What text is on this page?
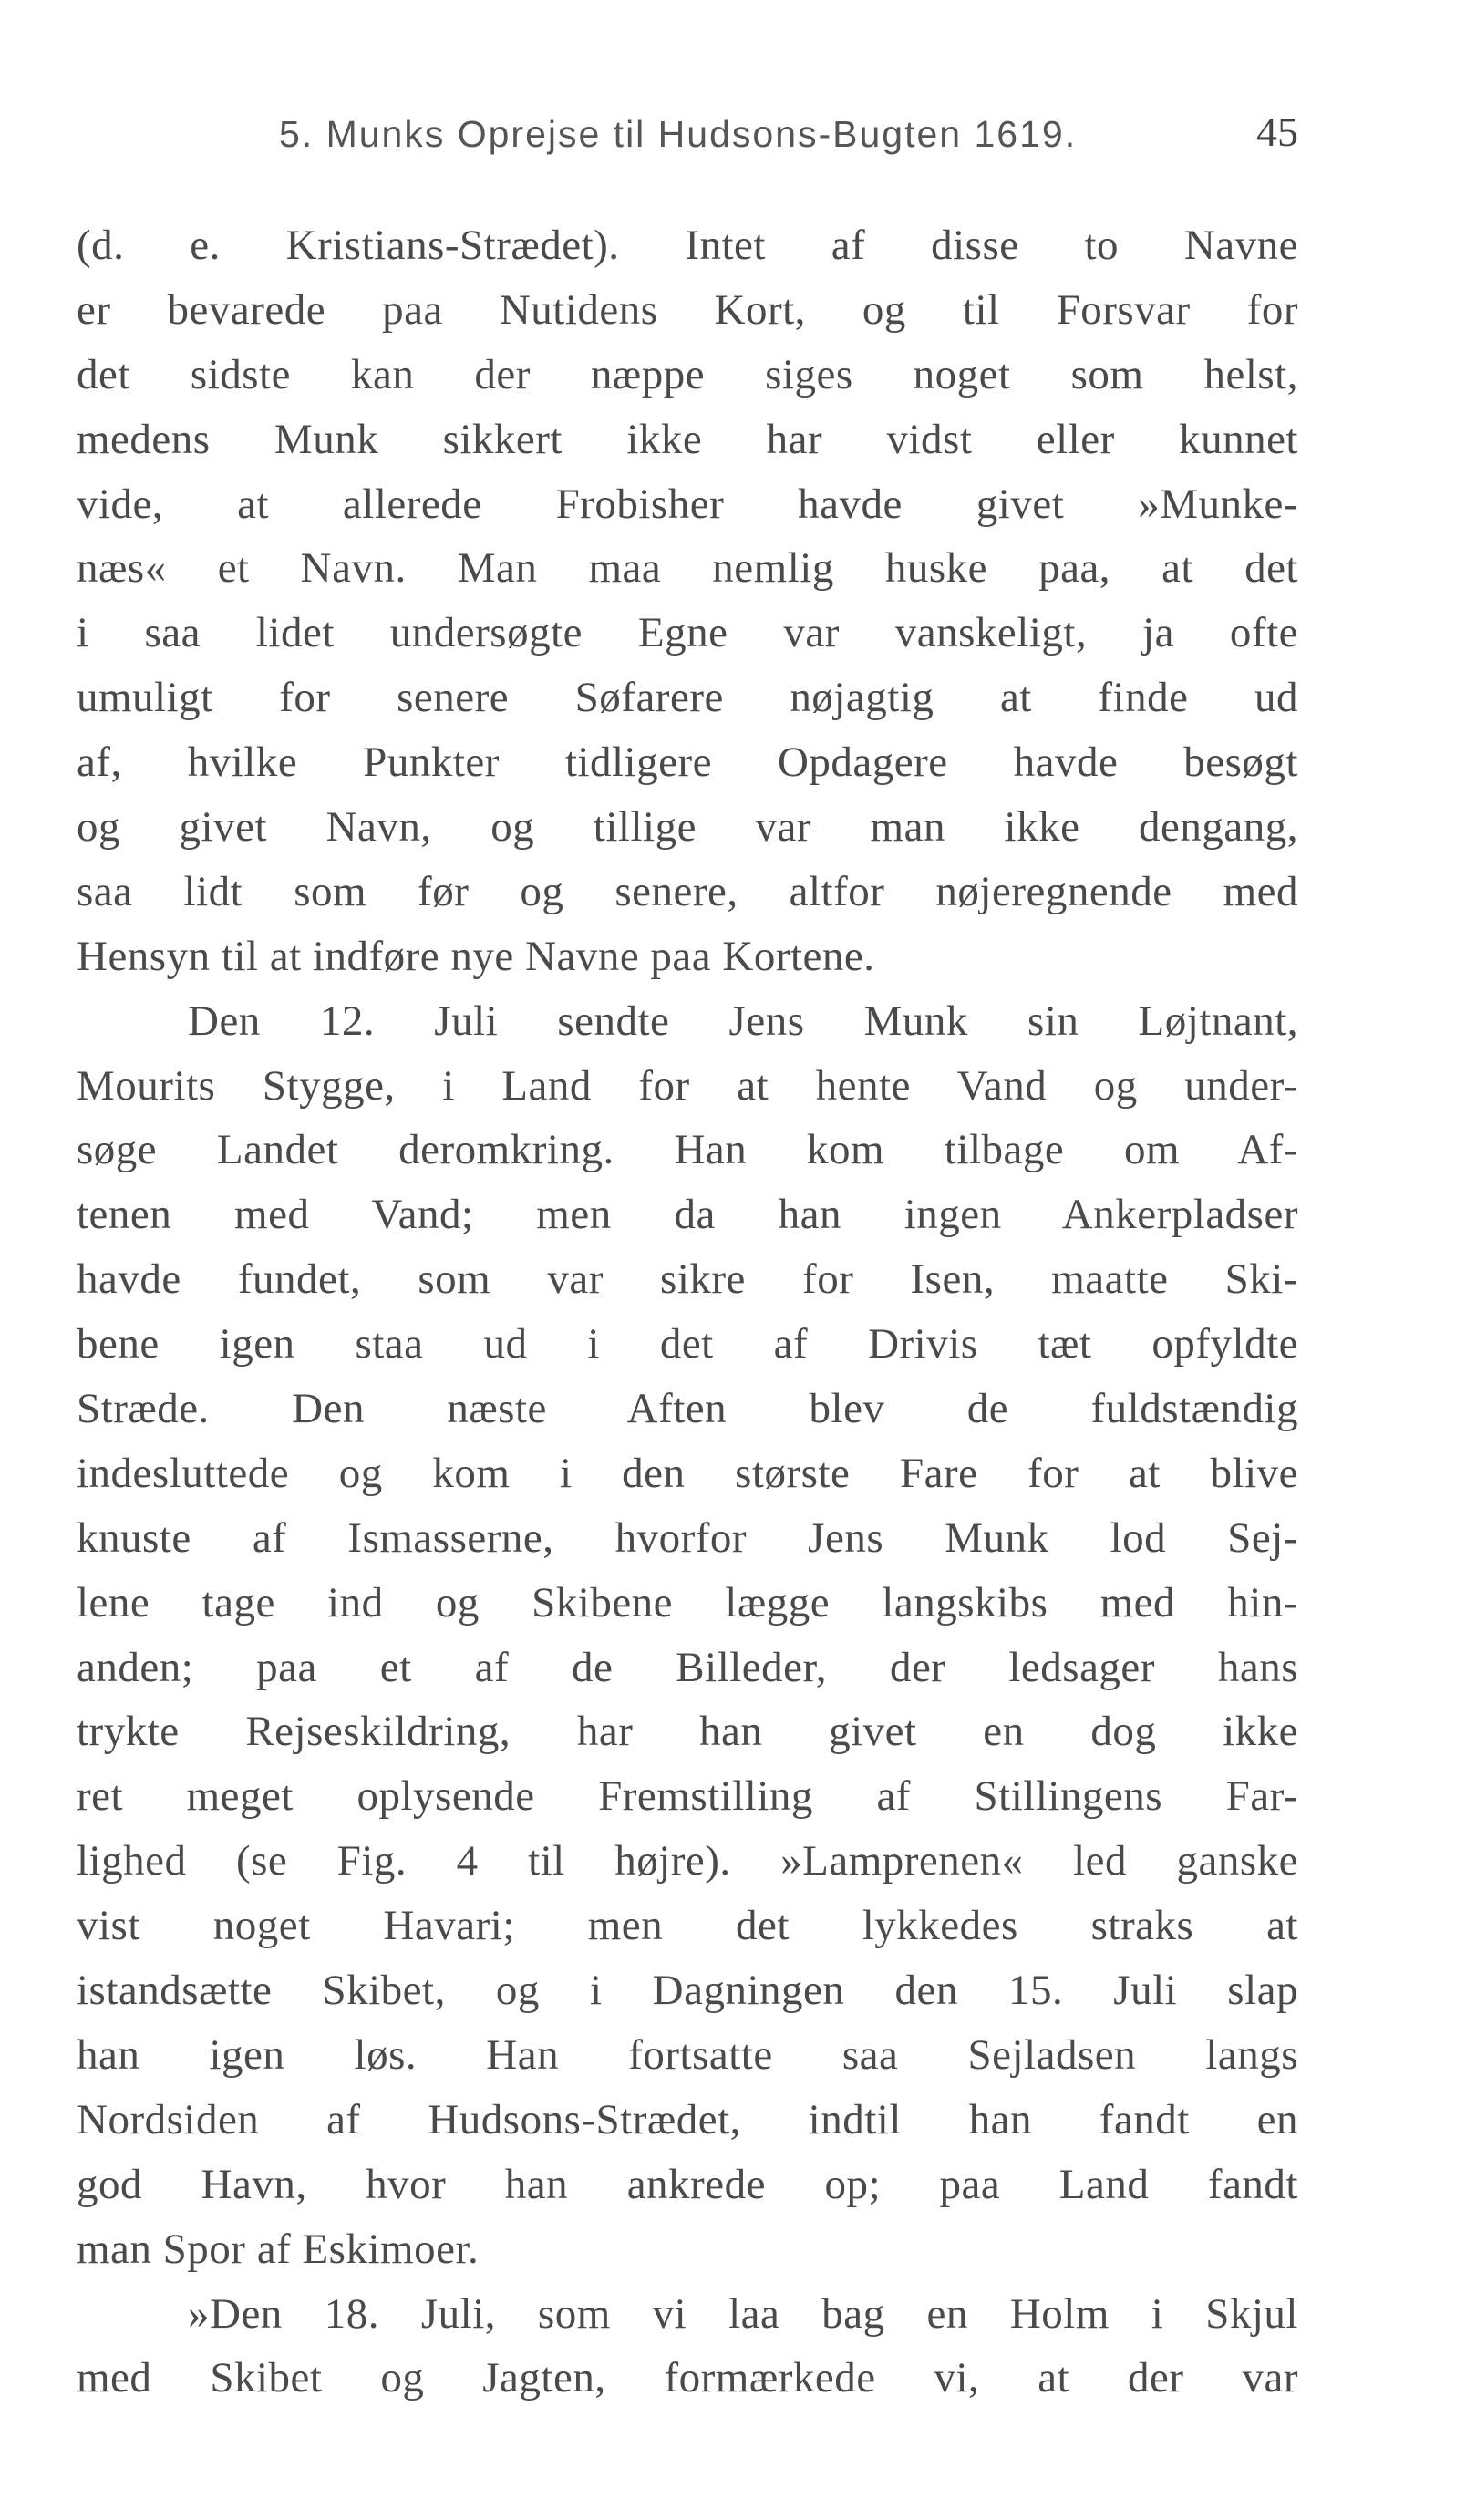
5. Munks Oprejse til Hudsons-Bugten 1619.	45
(d. e. Kristians-Strædet). Intet af disse to Navne
er bevarede paa Nutidens Kort, og til Forsvar for
det sidste kan der næppe siges noget som helst,
medens Munk sikkert ikke har vidst eller kunnet
vide, at allerede Frobisher havde givet »Munke-
næs« et Navn. Man maa nemlig huske paa, at det
i saa lidet undersøgte Egne var vanskeligt, ja ofte
umuligt for senere Søfarere nøjagtig at finde ud
af, hvilke Punkter tidligere Opdagere havde besøgt
og givet Navn, og tillige var man ikke dengang,
saa lidt som før og senere, altfor nøjeregnende med
Hensyn til at indføre nye Navne paa Kortene.
Den 12. Juli sendte Jens Munk sin Løjtnant,
Mourits Stygge, i Land for at hente Vand og under-
søge Landet deromkring. Han kom tilbage om Af-
tenen med Vand; men da han ingen Ankerpladser
havde fundet, som var sikre for Isen, maatte Ski-
bene igen staa ud i det af Drivis tæt opfyldte
Stræde. Den næste Aften blev de fuldstændig
indesluttede og kom i den største Fare for at blive
knuste af Ismasserne, hvorfor Jens Munk lod Sej-
lene tage ind og Skibene lægge langskibs med hin-
anden; paa et af de Billeder, der ledsager hans
trykte Rejseskildring, har han givet en dog ikke
ret meget oplysende Fremstilling af Stillingens Far-
lighed (se Fig. 4 til højre). »Lamprenen« led ganske
vist noget Havari; men det lykkedes straks at
istandsætte Skibet, og i Dagningen den 15. Juli slap
han igen løs. Han fortsatte saa Sejladsen langs
Nordsiden af Hudsons-Strædet, indtil han fandt en
god Havn, hvor han ankrede op; paa Land fandt
man Spor af Eskimoer.
»Den 18. Juli, som vi laa bag en Holm i Skjul
med Skibet og Jagten, formærkede vi, at der var
